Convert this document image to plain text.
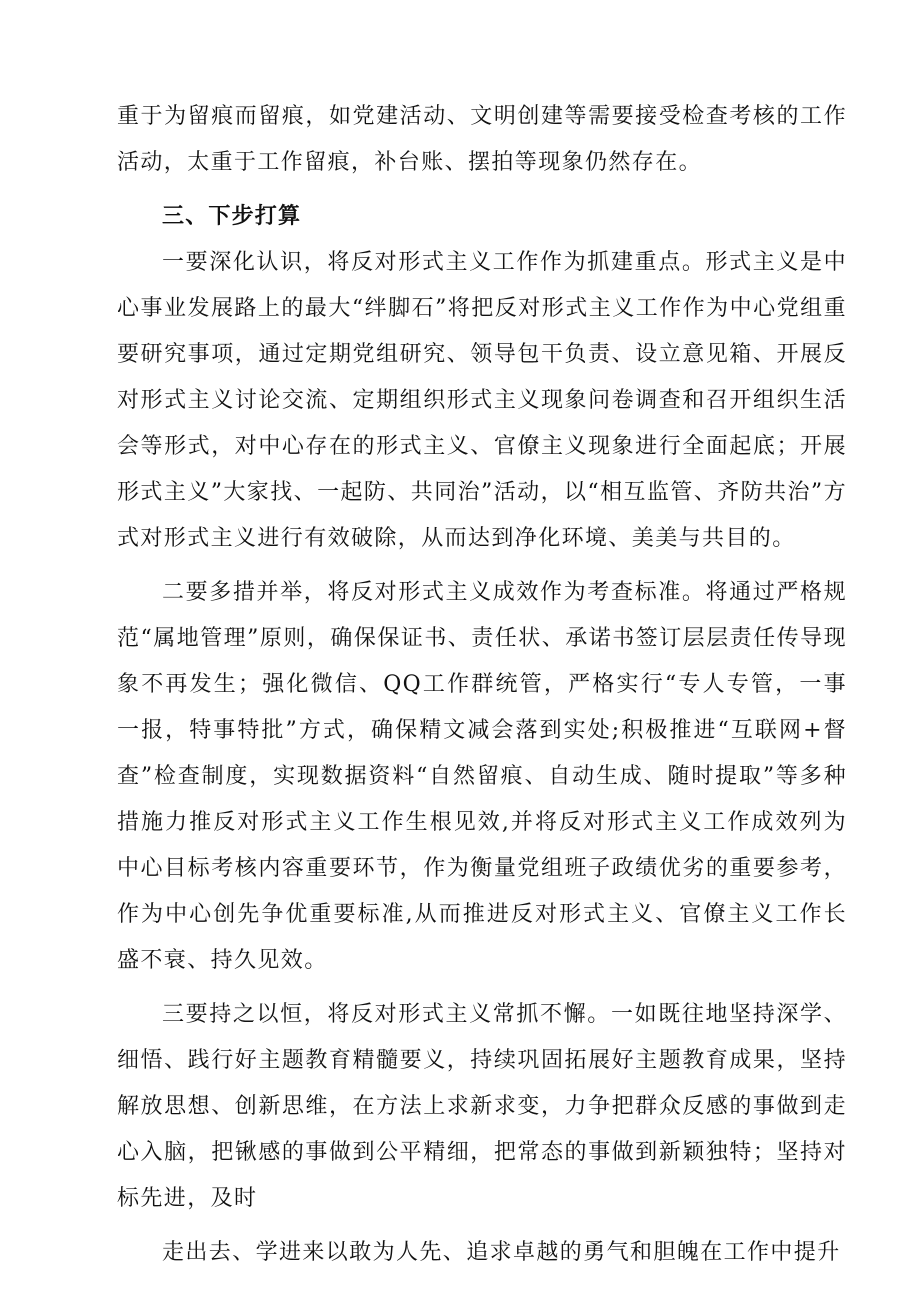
重于为留痕而留痕，如党建活动、文明创建等需要接受检查考核的工作活动，太重于工作留痕，补台账、摆拍等现象仍然存在。

三、下步打算

一要深化认识，将反对形式主义工作作为抓建重点。形式主义是中心事业发展路上的最大“绊脚石”将把反对形式主义工作作为中心党组重要研究事项，通过定期党组研究、领导包干负责、设立意见箱、开展反对形式主义讨论交流、定期组织形式主义现象问卷调查和召开组织生活会等形式，对中心存在的形式主义、官僚主义现象进行全面起底；开展形式主义”大家找、一起防、共同治”活动，以“相互监管、齐防共治”方式对形式主义进行有效破除，从而达到净化环境、美美与共目的。

二要多措并举，将反对形式主义成效作为考查标准。将通过严格规范“属地管理”原则，确保保证书、责任状、承诺书签订层层责任传导现象不再发生；强化微信、QQ工作群统管，严格实行“专人专管，一事一报，特事特批”方式，确保精文减会落到实处;积极推进“互联网+督查”检查制度，实现数据资料“自然留痕、自动生成、随时提取”等多种措施力推反对形式主义工作生根见效,并将反对形式主义工作成效列为中心目标考核内容重要环节，作为衡量党组班子政绩优劣的重要参考，作为中心创先争优重要标准,从而推进反对形式主义、官僚主义工作长盛不衰、持久见效。

三要持之以恒，将反对形式主义常抓不懈。一如既往地坚持深学、细悟、践行好主题教育精髓要义，持续巩固拓展好主题教育成果，坚持解放思想、创新思维，在方法上求新求变，力争把群众反感的事做到走心入脑，把锹感的事做到公平精细，把常态的事做到新颖独特；坚持对标先进，及时

走出去、学进来以敢为人先、追求卓越的勇气和胆魄在工作中提升
